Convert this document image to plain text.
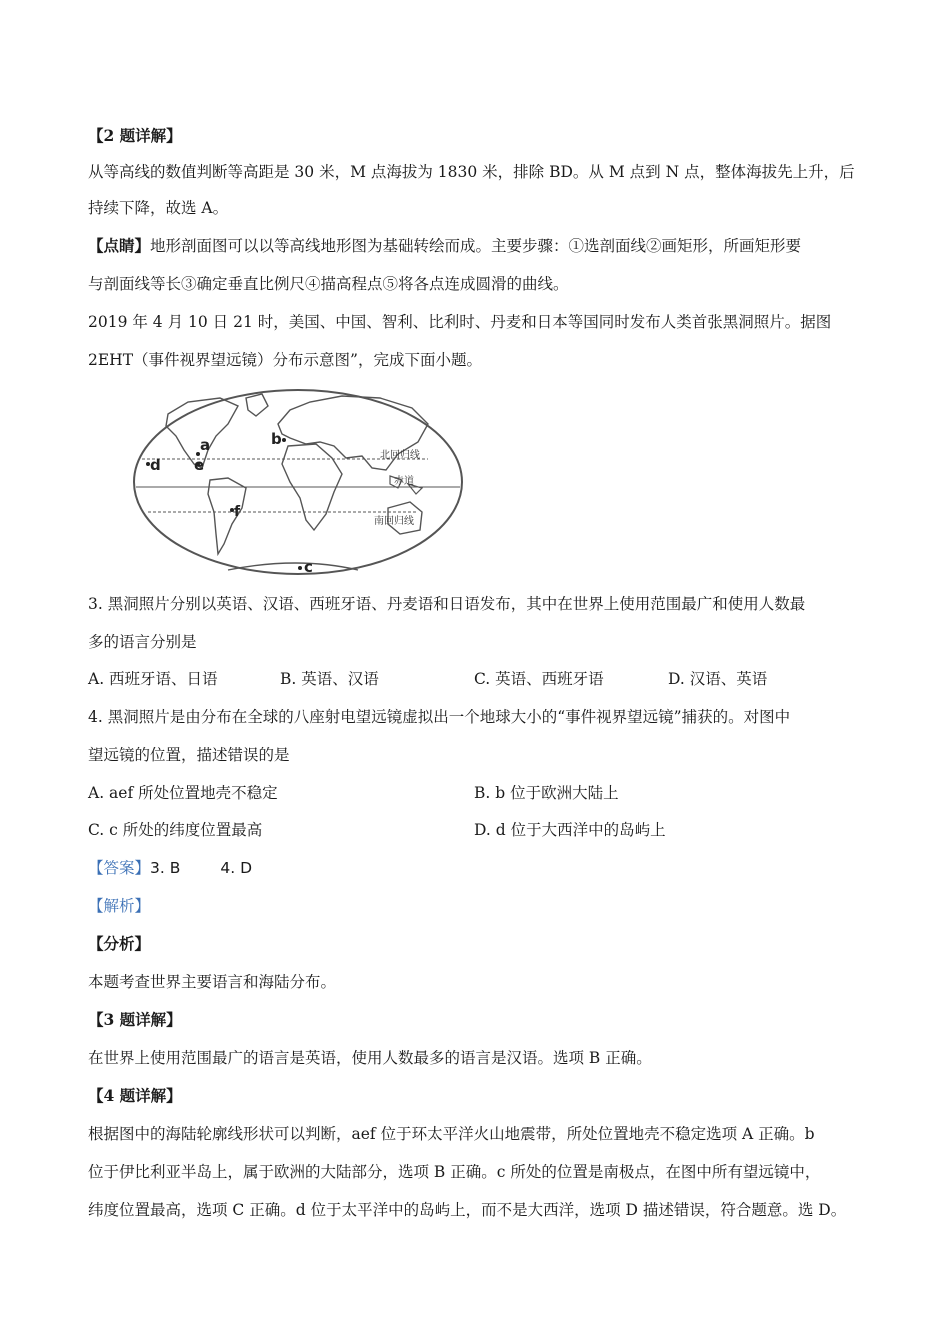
【2 题详解】
从等高线的数值判断等高距是 30 米，M 点海拔为 1830 米，排除 BD。从 M 点到 N 点，整体海拔先上升，后
持续下降，故选 A。
【点睛】地形剖面图可以以等高线地形图为基础转绘而成。主要步骤：①选剖面线②画矩形，所画矩形要
与剖面线等长③确定垂直比例尺④描高程点⑤将各点连成圆滑的曲线。
2019 年 4 月 10 日 21 时，美国、中国、智利、比利时、丹麦和日本等国同时发布人类首张黑洞照片。据图
2EHT（事件视界望远镜）分布示意图”，完成下面小题。
a	b
c
d e
f
北回归线
赤道
南回归线
3. 黑洞照片分别以英语、汉语、西班牙语、丹麦语和日语发布，其中在世界上使用范围最广和使用人数最
多的语言分别是
A. 西班牙语、日语	B. 英语、汉语	C. 英语、西班牙语	D. 汉语、英语
4. 黑洞照片是由分布在全球的八座射电望远镜虚拟出一个地球大小的“事件视界望远镜”捕获的。对图中
望远镜的位置，描述错误的是
A. aef 所处位置地壳不稳定	B. b 位于欧洲大陆上
C. c 所处的纬度位置最高	D. d 位于大西洋中的岛屿上
【答案】3. B	4. D
【解析】
【分析】
本题考查世界主要语言和海陆分布。
【3 题详解】
在世界上使用范围最广的语言是英语，使用人数最多的语言是汉语。选项 B 正确。
【4 题详解】
根据图中的海陆轮廓线形状可以判断，aef 位于环太平洋火山地震带，所处位置地壳不稳定选项 A 正确。b
位于伊比利亚半岛上，属于欧洲的大陆部分，选项 B 正确。c 所处的位置是南极点，在图中所有望远镜中，
纬度位置最高，选项 C 正确。d 位于太平洋中的岛屿上，而不是大西洋，选项 D 描述错误，符合题意。选 D。
